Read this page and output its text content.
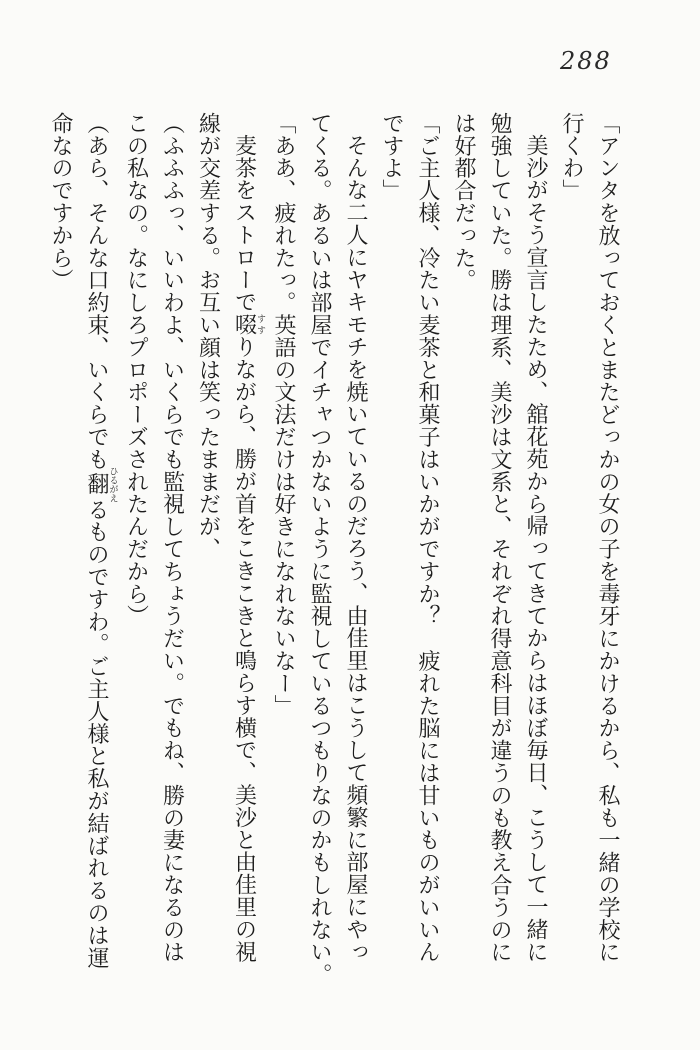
288
「アンタを放っておくとまたどっかの女の子を毒牙にかけるから、私も一緒の学校に
行くわ」
美沙がそう宣言したため、舘花苑から帰ってきてからはほぼ毎日、こうして一緒に
勉強していた。勝は理系、美沙は文系と、それぞれ得意科目が違うのも教え合うのに
は好都合だった。
「ご主人様、冷たい麦茶と和菓子はいかがですか？　疲れた脳には甘いものがいいん
ですよ」
そんな二人にヤキモチを焼いているのだろう、由佳里はこうして頻繁に部屋にやっ
てくる。あるいは部屋でイチャつかないように監視しているつもりなのかもしれない。
「ああ、疲れたっ。英語の文法だけは好きになれないなー」
麦茶をストローで啜すすりながら、勝が首をこきこきと鳴らす横で、美沙と由佳里の視
線が交差する。お互い顔は笑ったままだが、
（ふふふっ、いいわよ、いくらでも監視してちょうだい。でもね、勝の妻になるのは
この私なの。なにしろプロポーズされたんだから）
（あら、そんな口約束、いくらでも翻ひるがえるものですわ。ご主人様と私が結ばれるのは運
命なのですから）
